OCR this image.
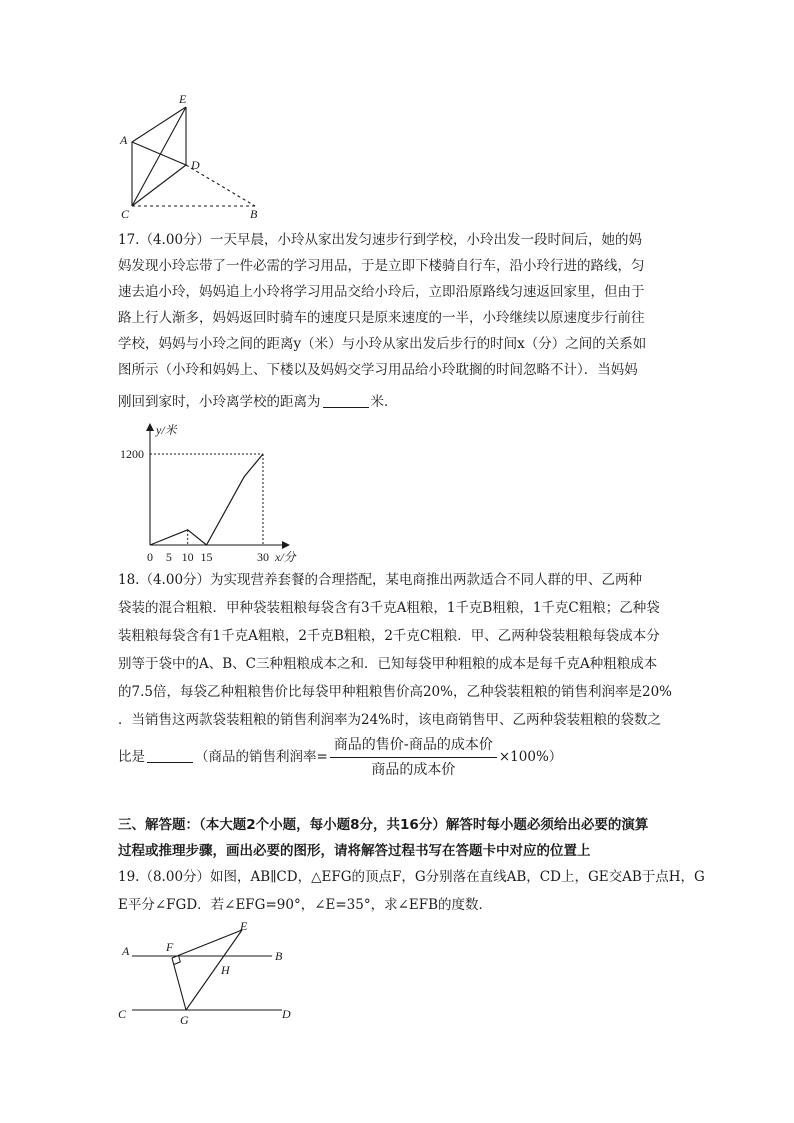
E
A
D
C	B

17.（4.00分）一天早晨，小玲从家出发匀速步行到学校，小玲出发一段时间后，她的妈

妈发现小玲忘带了一件必需的学习用品，于是立即下楼骑自行车，沿小玲行进的路线，匀

速去追小玲，妈妈追上小玲将学习用品交给小玲后，立即沿原路线匀速返回家里，但由于

路上行人渐多，妈妈返回时骑车的速度只是原来速度的一半，小玲继续以原速度步行前往

学校，妈妈与小玲之间的距离y（米）与小玲从家出发后步行的时间x（分）之间的关系如

图所示（小玲和妈妈上、下楼以及妈妈交学习用品给小玲耽搁的时间忽略不计）．当妈妈

刚回到家时，小玲离学校的距离为	米．

0 5 10 15	30
1200
y/米
x/分

18.（4.00分）为实现营养套餐的合理搭配，某电商推出两款适合不同人群的甲、乙两种

袋装的混合粗粮．甲种袋装粗粮每袋含有3千克A粗粮，1千克B粗粮，1千克C粗粮；乙种袋

装粗粮每袋含有1千克A粗粮，2千克B粗粮，2千克C粗粮．甲、乙两种袋装粗粮每袋成本分

别等于袋中的A、B、C三种粗粮成本之和．已知每袋甲种粗粮的成本是每千克A种粗粮成本

的7.5倍，每袋乙种粗粮售价比每袋甲种粗粮售价高20%，乙种袋装粗粮的销售利润率是20%

．当销售这两款袋装粗粮的销售利润率为24%时，该电商销售甲、乙两种袋装粗粮的袋数之

比是	（商品的销售利润率= $\frac{\text{商品的售价-商品的成本价}}{\text{商品的成本价}} \times 100\%$）

三、解答题：（本大题2个小题，每小题8分，共16分）解答时每小题必须给出必要的演算

过程或推理步骤，画出必要的图形，请将解答过程书写在答题卡中对应的位置上

19.（8.00分）如图，AB∥CD，△EFG的顶点F，G分别落在直线AB，CD上，GE交AB于点H，G

E平分∠FGD．若∠EFG=90°，∠E=35°，求∠EFB的度数．

A	F
E
H
B
C	G	D
